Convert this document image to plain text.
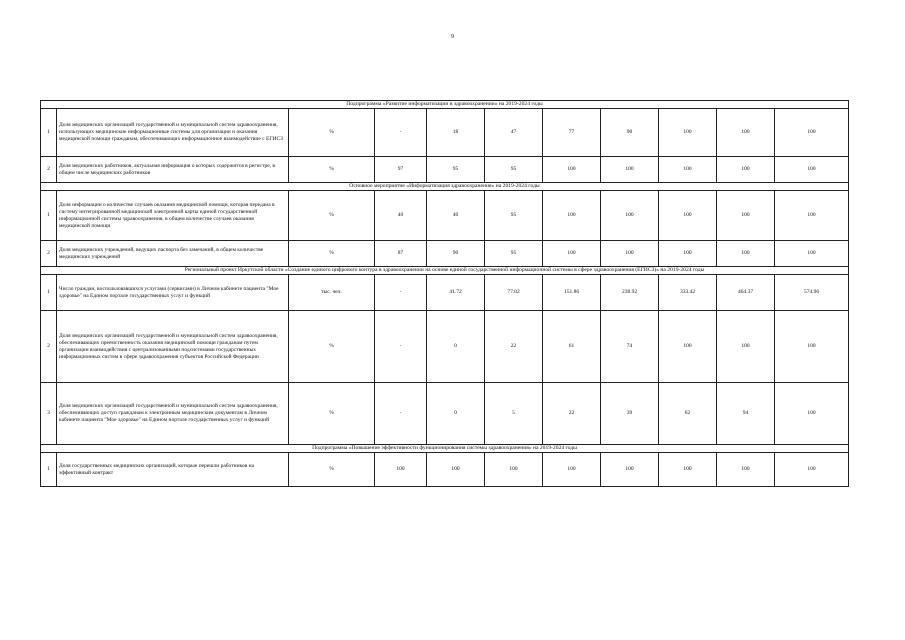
9
Подпрограмма «Развитие информатизации в здравоохранении» на 2019-2024 годы										
1	Доля медицинских организаций государственной и муниципальной систем здравоохранения, использующих медицинские информационные системы для организации и оказания медицинской помощи гражданам, обеспечивающих информационное взаимодействие с ЕГИСЗ	%	-	18	47	77	90	100	100	100
2	Доля медицинских работников, актуальная информация о которых содержится в регистре, в общем числе медицинских работников	%	97	95	95	100	100	100	100	100
Основное мероприятие «Информатизация здравоохранения» на 2019-2024 годы										
1	Доля информации о количестве случаев оказания медицинской помощи, которая передана в систему интегрированной медицинской электронной карты единой государственной информационной системы здравоохранения, в общем количестве случаев оказания медицинской помощи	%	40	40	95	100	100	100	100	100
2	Доля медицинских учреждений, ведущих паспорта без замечаний, в общем количестве медицинских учреждений	%	87	90	95	100	100	100	100	100
Региональный проект Иркутской области «Создание единого цифрового контура в здравоохранении на основе единой государственной информационной системы в сфере здравоохранения (ЕГИСЗ)» на 2019-2024 годы										
1	Число граждан, воспользовавшихся услугами (сервисами) в Личном кабинете пациента "Мое здоровье" на Едином портале государственных услуг и функций	тыс. чел.	-	41.72	77.02	151.86	238.92	333.42	464.37	574.96
2	Доля медицинских организаций государственной и муниципальной систем здравоохранения, обеспечивающих преемственность оказания медицинской помощи гражданам путем организации взаимодействия с централизованными подсистемами государственных информационных систем в сфере здравоохранения субъектов Российской Федерации	%	-	0	22	61	74	100	100	100
3	Доля медицинских организаций государственной и муниципальной систем здравоохранения, обеспечивающих доступ гражданам к электронным медицинским документам в Личном кабинете пациента "Мое здоровье" на Едином портале государственных услуг и функций	%	-	0	5	22	39	62	94	100
Подпрограмма «Повышение эффективности функционирования системы здравоохранения» на 2019-2024 годы										
1	Доля государственных медицинских организаций, которые перешли работников на эффективный контракт	%	100	100	100	100	100	100	100	100
